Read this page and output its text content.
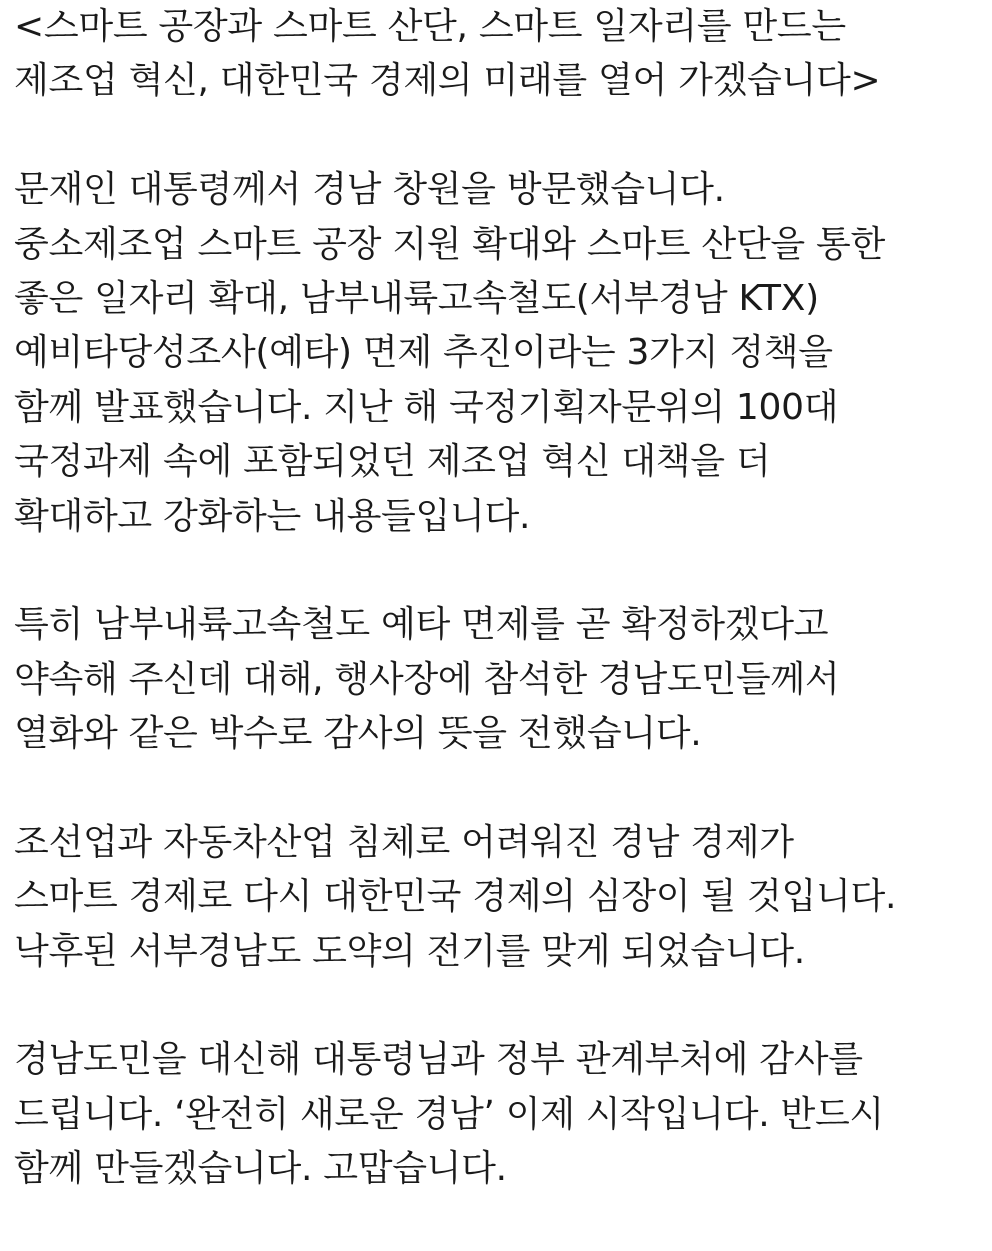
<스마트 공장과 스마트 산단, 스마트 일자리를 만드는
제조업 혁신, 대한민국 경제의 미래를 열어 가겠습니다>
문재인 대통령께서 경남 창원을 방문했습니다.
중소제조업 스마트 공장 지원 확대와 스마트 산단을 통한
좋은 일자리 확대, 남부내륙고속철도(서부경남 KTX)
예비타당성조사(예타) 면제 추진이라는 3가지 정책을
함께 발표했습니다. 지난 해 국정기획자문위의 100대
국정과제 속에 포함되었던 제조업 혁신 대책을 더
확대하고 강화하는 내용들입니다.
특히 남부내륙고속철도 예타 면제를 곧 확정하겠다고
약속해 주신데 대해, 행사장에 참석한 경남도민들께서
열화와 같은 박수로 감사의 뜻을 전했습니다.
조선업과 자동차산업 침체로 어려워진 경남 경제가
스마트 경제로 다시 대한민국 경제의 심장이 될 것입니다.
낙후된 서부경남도 도약의 전기를 맞게 되었습니다.
경남도민을 대신해 대통령님과 정부 관계부처에 감사를
드립니다. ‘완전히 새로운 경남’ 이제 시작입니다. 반드시
함께 만들겠습니다. 고맙습니다.
